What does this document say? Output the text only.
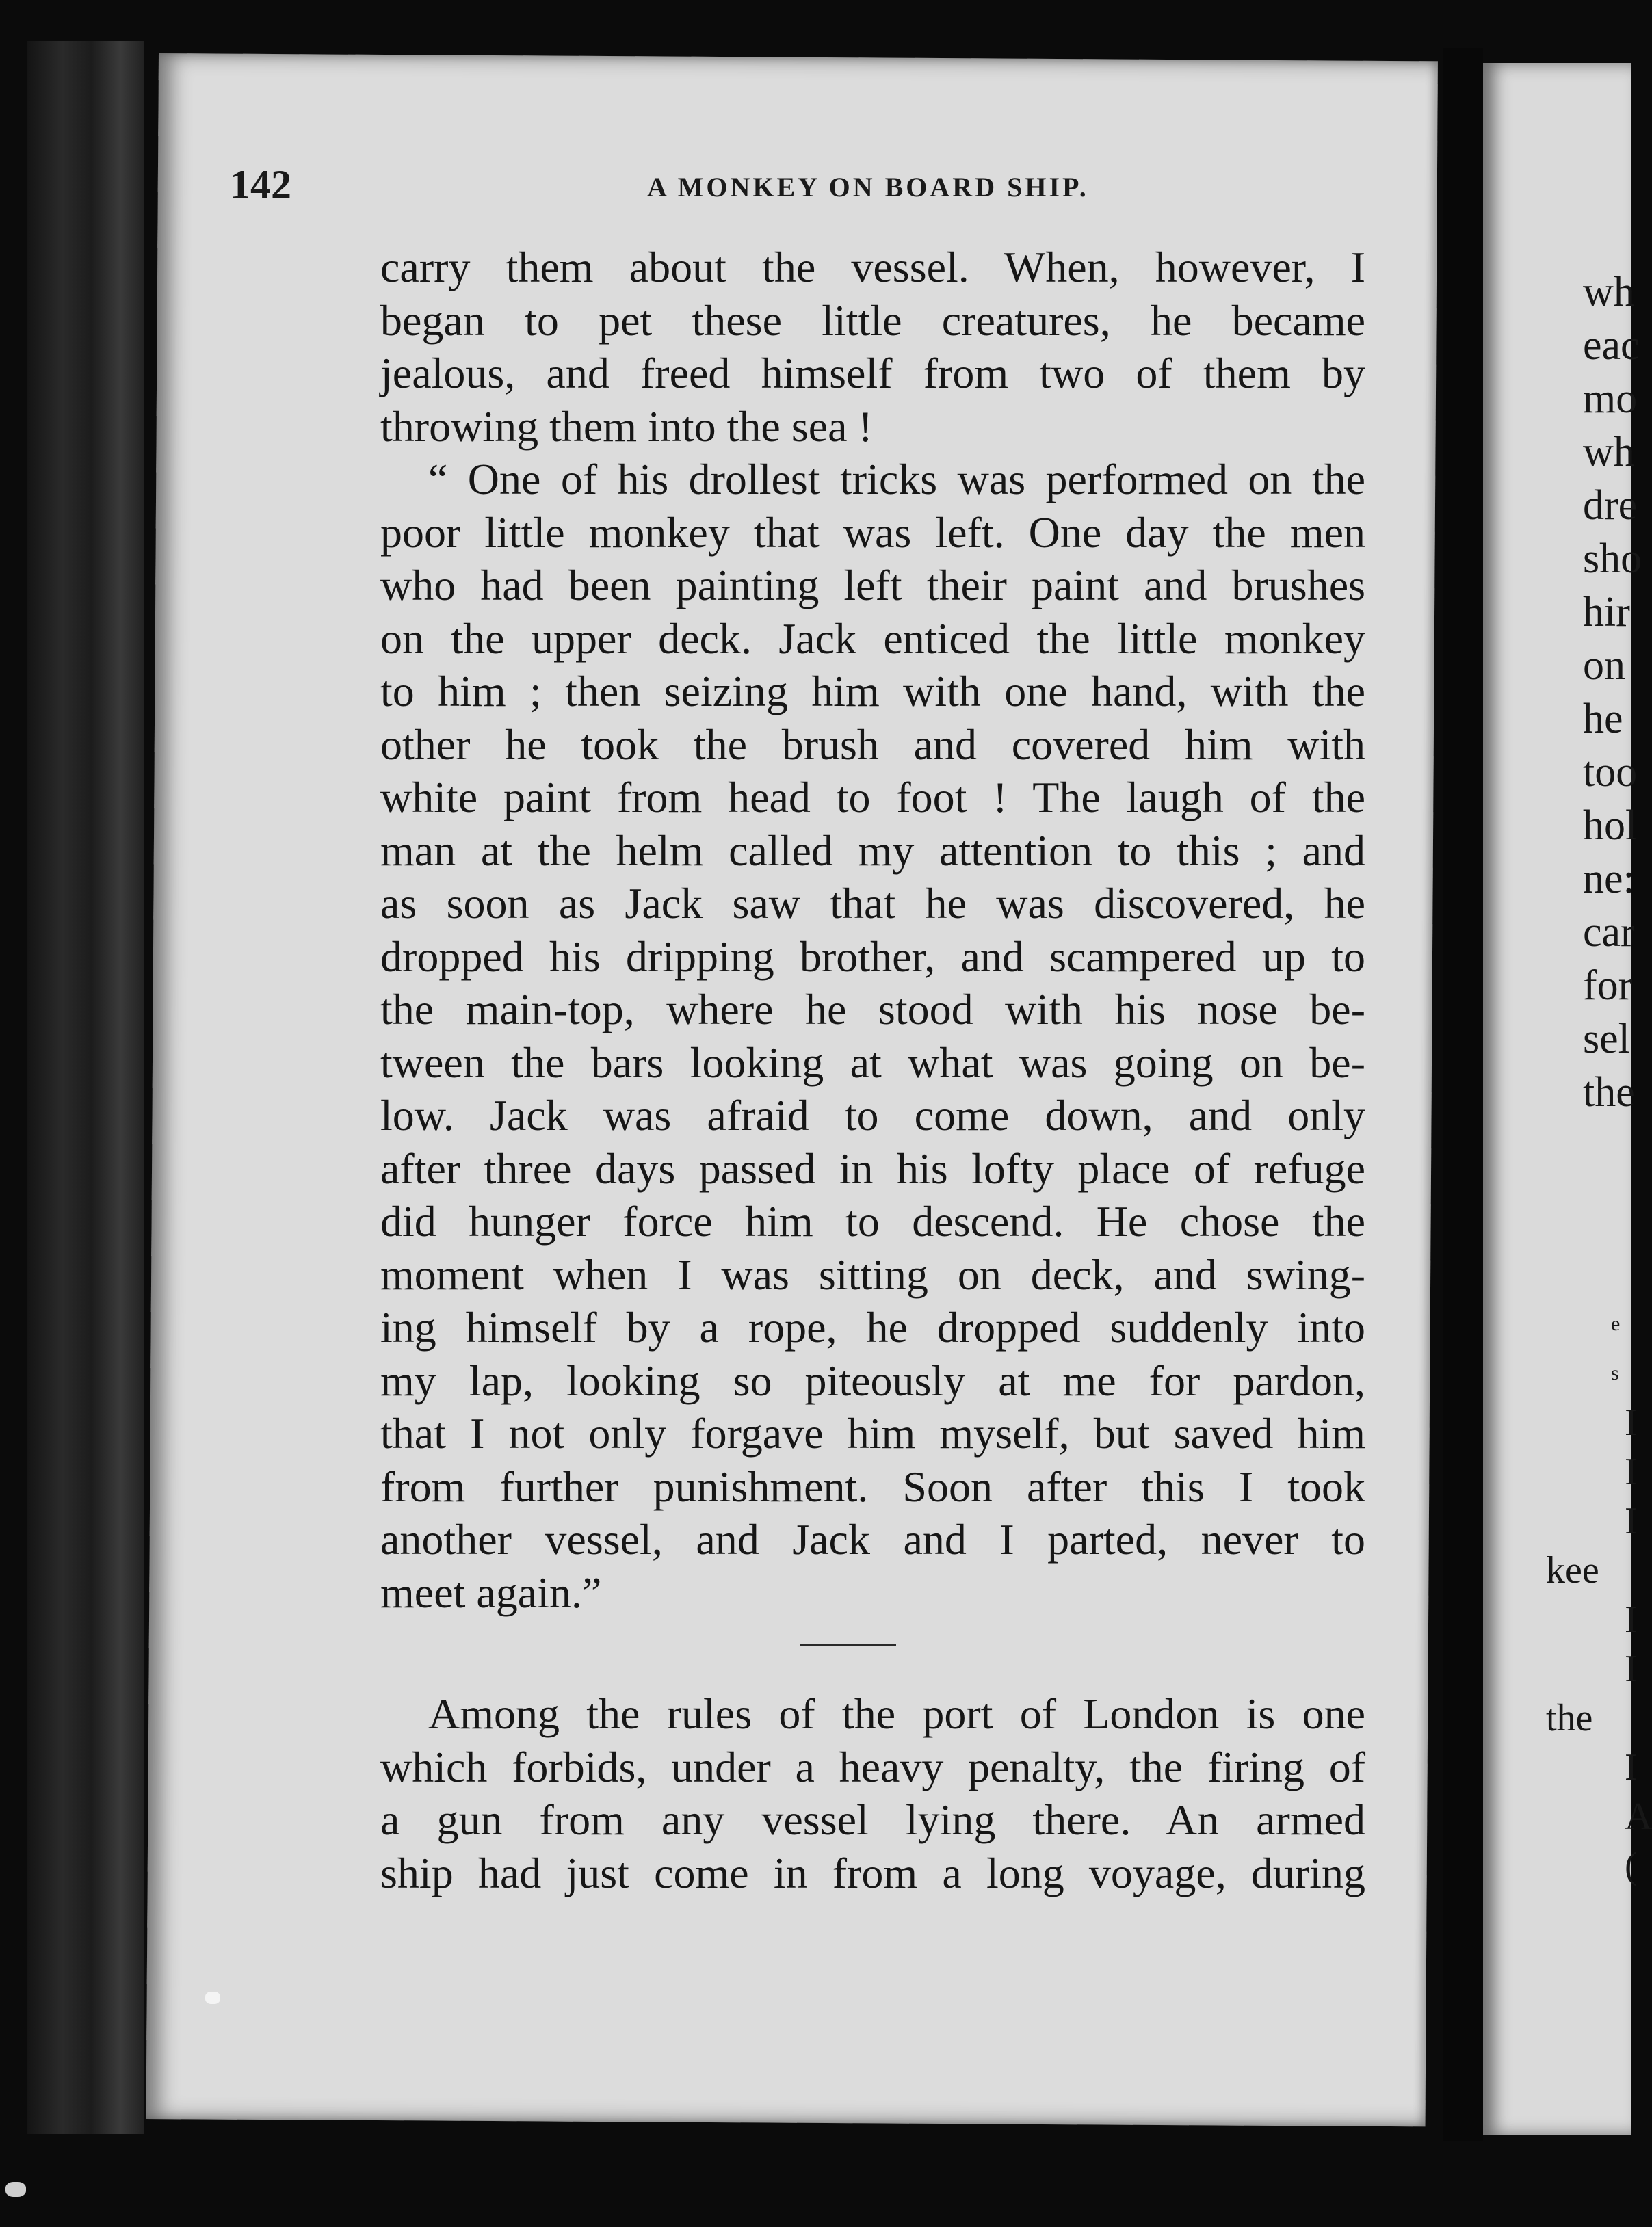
142	A MONKEY ON BOARD SHIP.
carry them about the vessel. When, however, I
began to pet these little creatures, he became
jealous, and freed himself from two of them by
throwing them into the sea !
“ One of his drollest tricks was performed on the
poor little monkey that was left. One day the men
who had been painting left their paint and brushes
on the upper deck. Jack enticed the little monkey
to him ; then seizing him with one hand, with the
other he took the brush and covered him with
white paint from head to foot ! The laugh of the
man at the helm called my attention to this ; and
as soon as Jack saw that he was discovered, he
dropped his dripping brother, and scampered up to
the main-top, where he stood with his nose be-
tween the bars looking at what was going on be-
low. Jack was afraid to come down, and only
after three days passed in his lofty place of refuge
did hunger force him to descend. He chose the
moment when I was sitting on deck, and swing-
ing himself by a rope, he dropped suddenly into
my lap, looking so piteously at me for pardon,
that I not only forgave him myself, but saved him
from further punishment. Soon after this I took
another vessel, and Jack and I parted, never to
meet again.”
Among the rules of the port of London is one
which forbids, under a heavy penalty, the firing of
a gun from any vessel lying there. An armed
ship had just come in from a long voyage, during
wh
eac
mo
wh
dre
sho
hir
on
he
too
hol
ne:
car
for
sel
the
e
s
I
I
I
kee
I
I
the
I
A
(
